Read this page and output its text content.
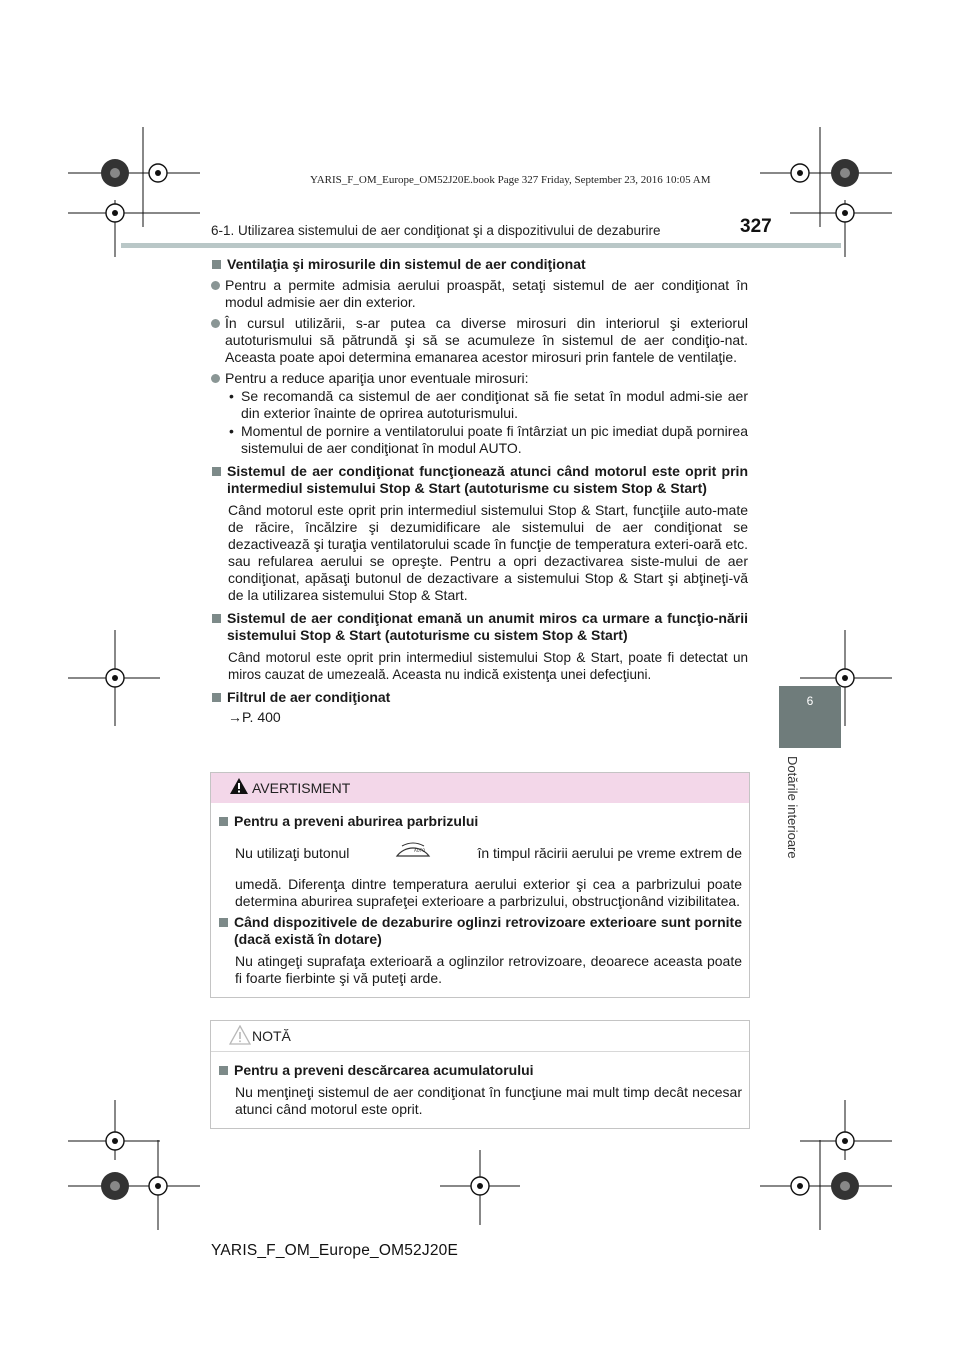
YARIS_F_OM_Europe_OM52J20E.book Page 327 Friday, September 23, 2016 10:05 AM
6-1. Utilizarea sistemului de aer condiţionat şi a dispozitivului de dezaburire	327
6
Dotările interioare
Ventilaţia şi mirosurile din sistemul de aer condiţionat
Pentru a permite admisia aerului proaspăt, setaţi sistemul de aer condiţionat în modul admisie aer din exterior.
În cursul utilizării, s-ar putea ca diverse mirosuri din interiorul şi exteriorul autoturismului să pătrundă şi să se acumuleze în sistemul de aer condiţio-nat. Aceasta poate apoi determina emanarea acestor mirosuri prin fantele de ventilaţie.
Pentru a reduce apariţia unor eventuale mirosuri:
• Se recomandă ca sistemul de aer condiţionat să fie setat în modul admi-sie aer din exterior înainte de oprirea autoturismului.
• Momentul de pornire a ventilatorului poate fi întârziat un pic imediat după pornirea sistemului de aer condiţionat în modul AUTO.
Sistemul de aer condiţionat funcţionează atunci când motorul este oprit prin intermediul sistemului Stop & Start (autoturisme cu sistem Stop & Start)
Când motorul este oprit prin intermediul sistemului Stop & Start, funcţiile auto-mate de răcire, încălzire şi dezumidificare ale sistemului de aer condiţionat se dezactivează şi turaţia ventilatorului scade în funcţie de temperatura exteri-oară etc. sau refularea aerului se opreşte. Pentru a opri dezactivarea siste-mului de aer condiţionat, apăsaţi butonul de dezactivare a sistemului Stop & Start şi abţineţi-vă de la utilizarea sistemului Stop & Start.
Sistemul de aer condiţionat emană un anumit miros ca urmare a funcţio-nării sistemului Stop & Start (autoturisme cu sistem Stop & Start)
Când motorul este oprit prin intermediul sistemului Stop & Start, poate fi detectat un miros cauzat de umezeală. Aceasta nu indică existenţa unei defecţiuni.
Filtrul de aer condiţionat
→P. 400
AVERTISMENT
Pentru a preveni aburirea parbrizului
Nu utilizaţi butonul	AUTO	în timpul răcirii aerului pe vreme extrem de
umedă. Diferenţa dintre temperatura aerului exterior şi cea a parbrizului poate determina aburirea suprafeţei exterioare a parbrizului, obstrucţionând vizibilitatea.
Când dispozitivele de dezaburire oglinzi retrovizoare exterioare sunt pornite (dacă există în dotare)
Nu atingeţi suprafaţa exterioară a oglinzilor retrovizoare, deoarece aceasta poate fi foarte fierbinte şi vă puteţi arde.
NOTĂ
Pentru a preveni descărcarea acumulatorului
Nu menţineţi sistemul de aer condiţionat în funcţiune mai mult timp decât necesar atunci când motorul este oprit.
YARIS_F_OM_Europe_OM52J20E
